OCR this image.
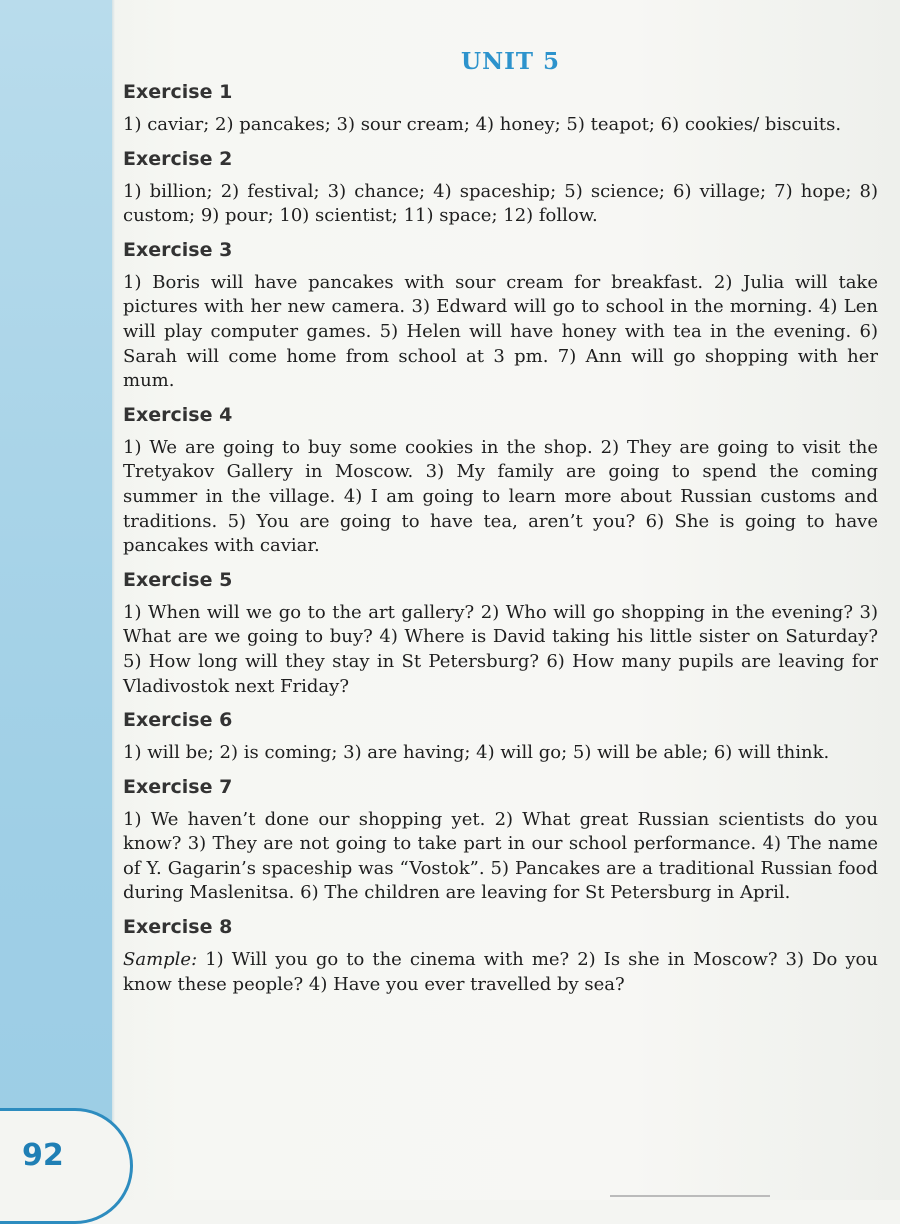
92
UNIT 5
Exercise 1

1) caviar; 2) pancakes; 3) sour cream; 4) honey; 5) teapot; 6) cookies/ biscuits.

Exercise 2

1) billion; 2) festival; 3) chance; 4) spaceship; 5) science; 6) village; 7) hope; 8) custom; 9) pour; 10) scientist; 11) space; 12) follow.

Exercise 3

1) Boris will have pancakes with sour cream for breakfast. 2) Julia will take pictures with her new camera. 3) Edward will go to school in the morning. 4) Len will play computer games. 5) Helen will have honey with tea in the evening. 6) Sarah will come home from school at 3 pm. 7) Ann will go shopping with her mum.

Exercise 4

1) We are going to buy some cookies in the shop. 2) They are going to visit the Tretyakov Gallery in Moscow. 3) My family are going to spend the coming summer in the village. 4) I am going to learn more about Russian customs and traditions. 5) You are going to have tea, aren’t you? 6) She is going to have pancakes with caviar.

Exercise 5

1) When will we go to the art gallery? 2) Who will go shopping in the evening? 3) What are we going to buy? 4) Where is David taking his little sister on Saturday? 5) How long will they stay in St Petersburg? 6) How many pupils are leaving for Vladivostok next Friday?

Exercise 6

1) will be; 2) is coming; 3) are having; 4) will go; 5) will be able; 6) will think.

Exercise 7

1) We haven’t done our shopping yet. 2) What great Russian scientists do you know? 3) They are not going to take part in our school performance. 4) The name of Y. Gagarin’s spaceship was “Vostok”. 5) Pancakes are a traditional Russian food during Maslenitsa. 6) The children are leaving for St Petersburg in April.

Exercise 8

Sample: 1) Will you go to the cinema with me? 2) Is she in Moscow? 3) Do you know these people? 4) Have you ever travelled by sea?
